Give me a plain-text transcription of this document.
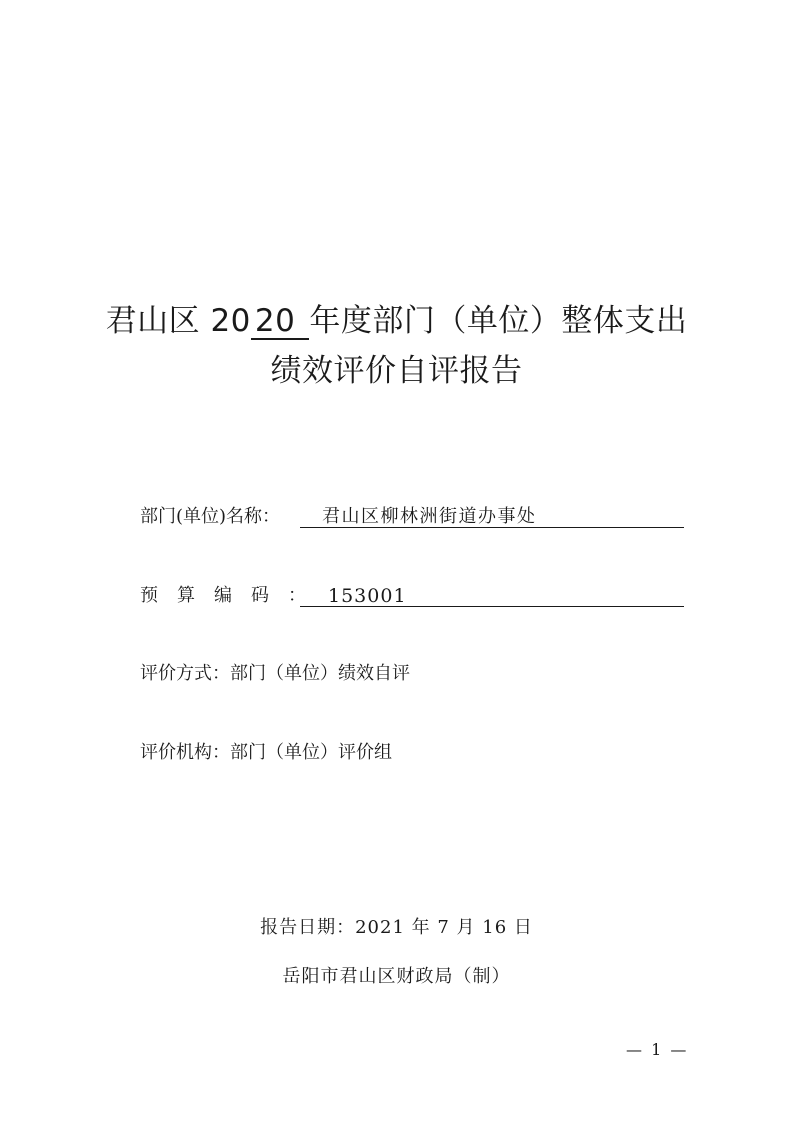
君山区 20 20 年度部门（单位）整体支出
绩效评价自评报告
部门(单位)名称：	君山区柳林洲街道办事处
预算编码： 153001
评价方式：部门（单位）绩效自评
评价机构：部门（单位）评价组
报告日期：2021 年 7 月 16 日
岳阳市君山区财政局（制）
— 1 —
